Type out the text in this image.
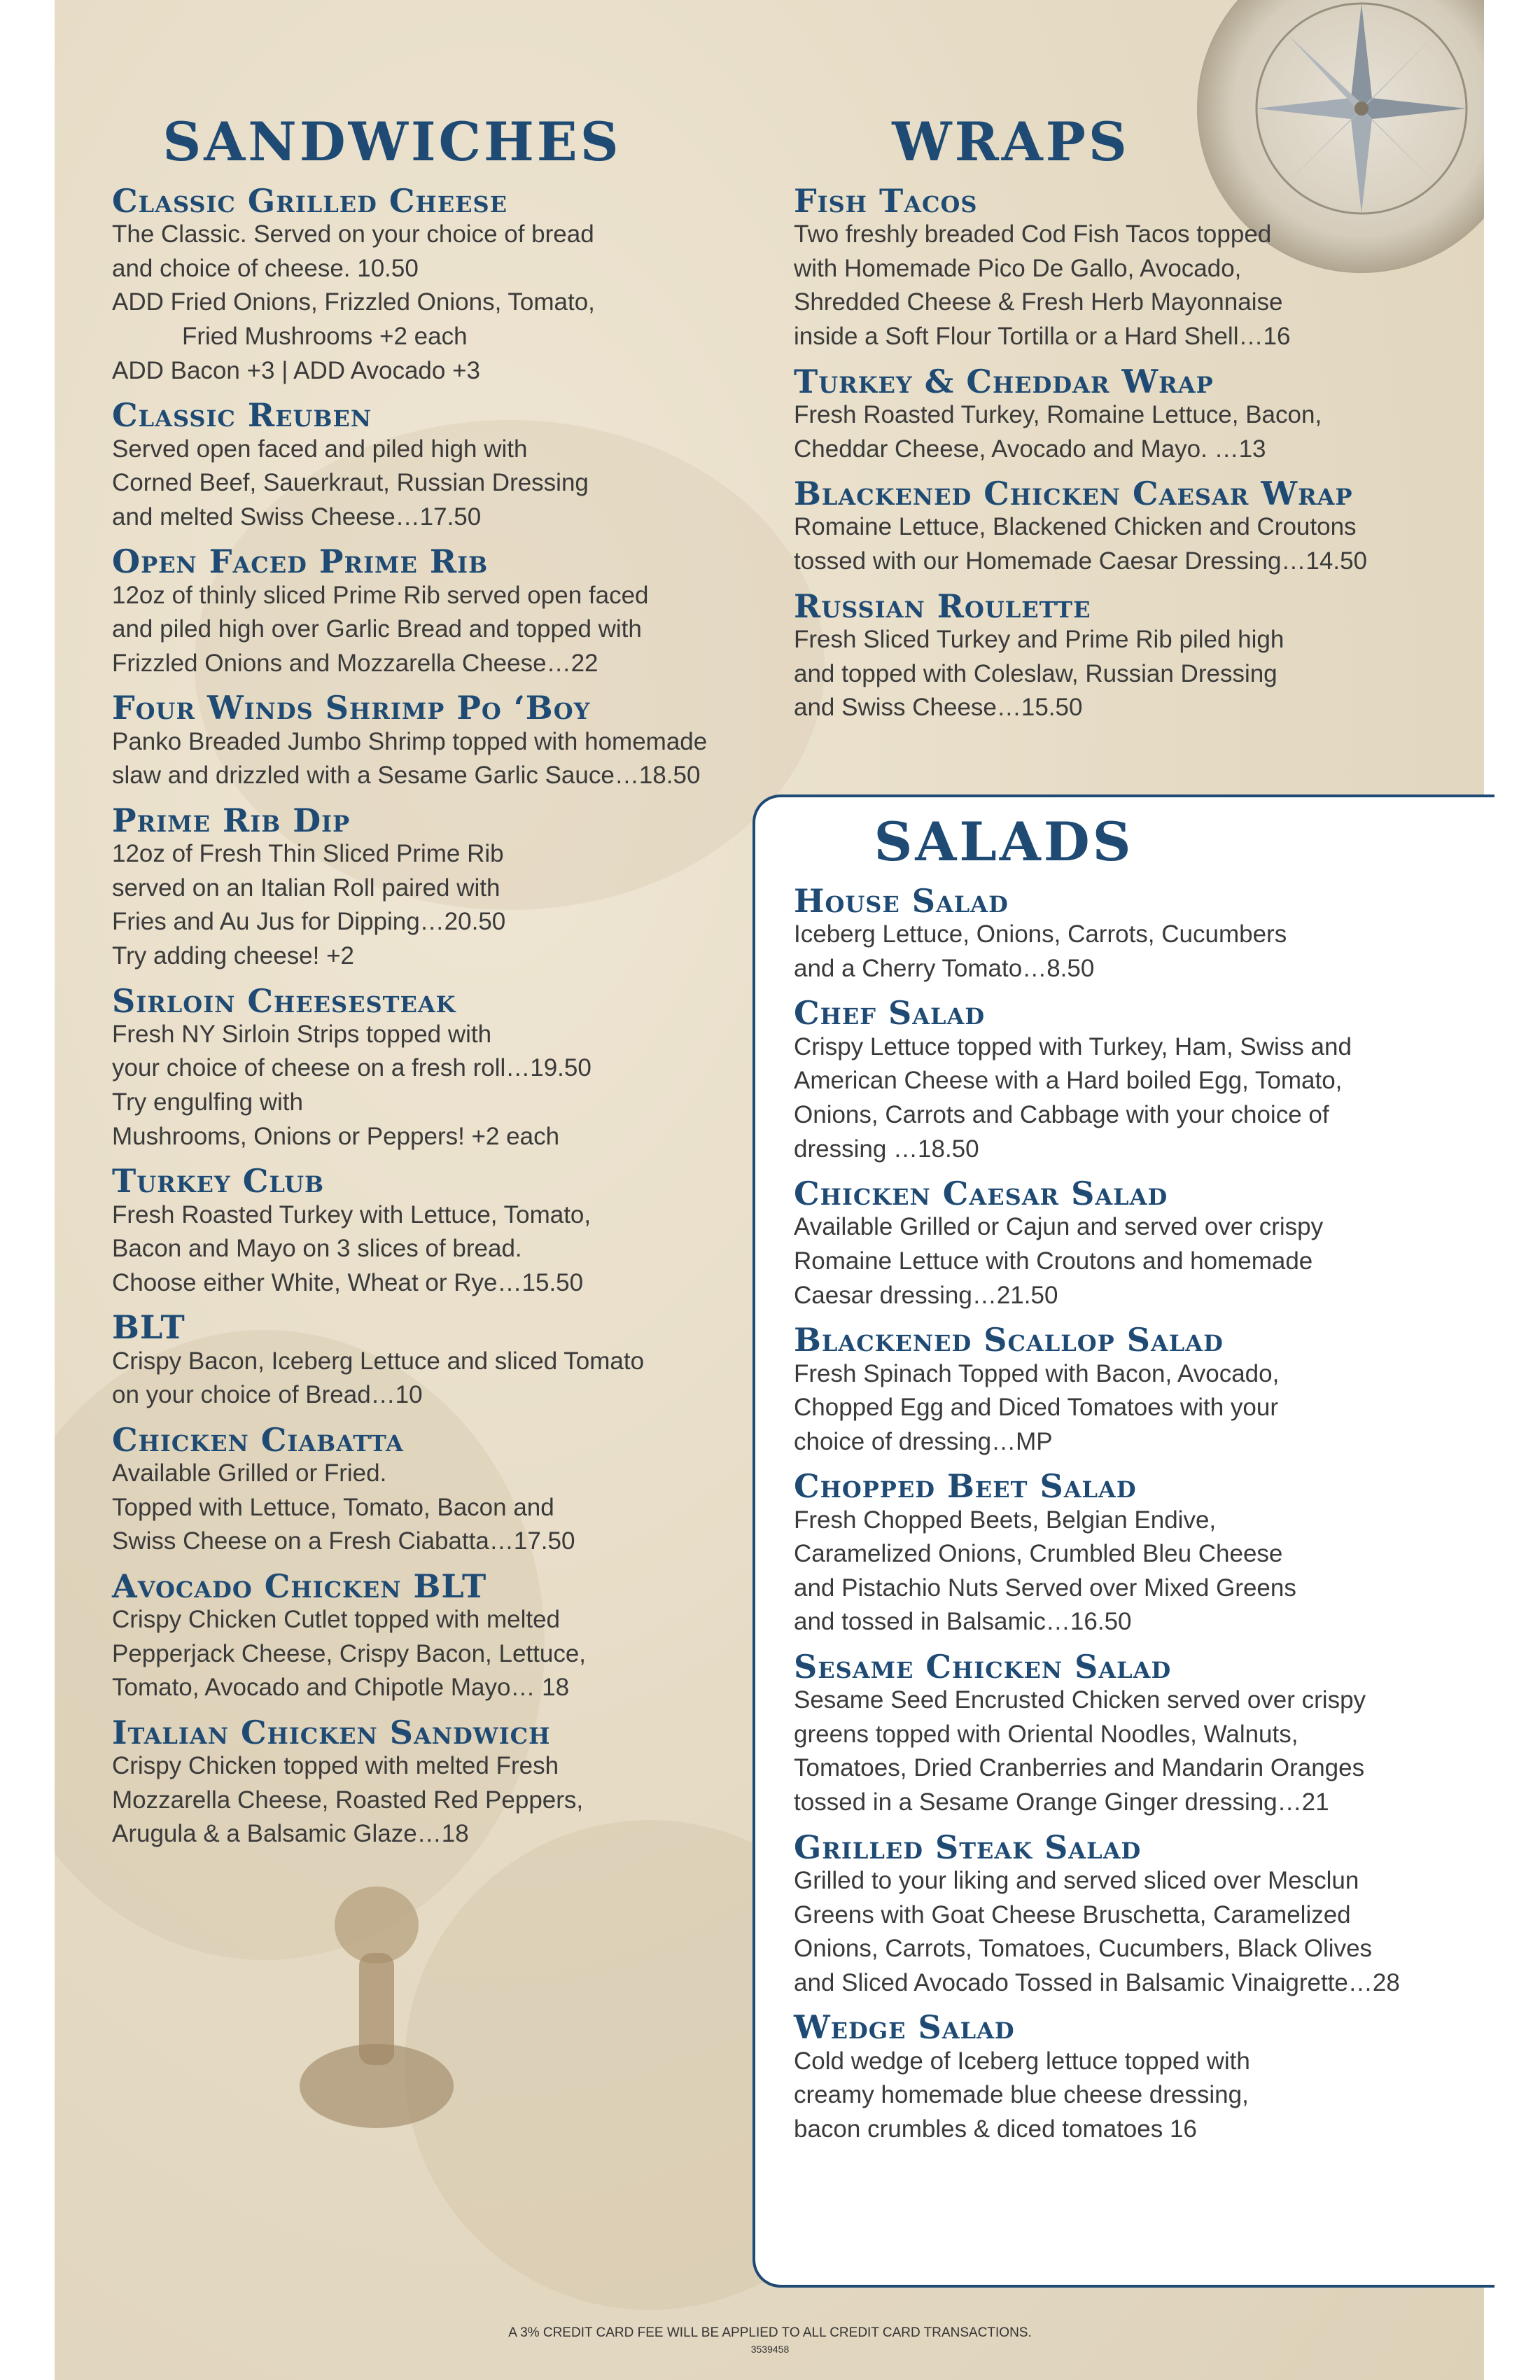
SANDWICHES
Classic Grilled Cheese

The Classic. Served on your choice of bread

and choice of cheese. 10.50

ADD Fried Onions, Frizzled Onions, Tomato,

Fried Mushrooms +2 each

ADD Bacon +3 | ADD Avocado +3

Classic Reuben

Served open faced and piled high with

Corned Beef, Sauerkraut, Russian Dressing

and melted Swiss Cheese…17.50

Open Faced Prime Rib

12oz of thinly sliced Prime Rib served open faced

and piled high over Garlic Bread and topped with

Frizzled Onions and Mozzarella Cheese…22

Four Winds Shrimp Po ‘Boy

Panko Breaded Jumbo Shrimp topped with homemade

slaw and drizzled with a Sesame Garlic Sauce…18.50

Prime Rib Dip

12oz of Fresh Thin Sliced Prime Rib

served on an Italian Roll paired with

Fries and Au Jus for Dipping…20.50

Try adding cheese! +2

Sirloin Cheesesteak

Fresh NY Sirloin Strips topped with

your choice of cheese on a fresh roll…19.50

Try engulfing with

Mushrooms, Onions or Peppers! +2 each

Turkey Club

Fresh Roasted Turkey with Lettuce, Tomato,

Bacon and Mayo on 3 slices of bread.

Choose either White, Wheat or Rye…15.50

BLT

Crispy Bacon, Iceberg Lettuce and sliced Tomato

on your choice of Bread…10

Chicken Ciabatta

Available Grilled or Fried.

Topped with Lettuce, Tomato, Bacon and

Swiss Cheese on a Fresh Ciabatta…17.50

Avocado Chicken BLT

Crispy Chicken Cutlet topped with melted

Pepperjack Cheese, Crispy Bacon, Lettuce,

Tomato, Avocado and Chipotle Mayo… 18

Italian Chicken Sandwich

Crispy Chicken topped with melted Fresh

Mozzarella Cheese, Roasted Red Peppers,

Arugula & a Balsamic Glaze…18

WRAPS
Fish Tacos

Two freshly breaded Cod Fish Tacos topped

with Homemade Pico De Gallo, Avocado,

Shredded Cheese & Fresh Herb Mayonnaise

inside a Soft Flour Tortilla or a Hard Shell…16

Turkey & Cheddar Wrap

Fresh Roasted Turkey, Romaine Lettuce, Bacon,

Cheddar Cheese, Avocado and Mayo. …13

Blackened Chicken Caesar Wrap

Romaine Lettuce, Blackened Chicken and Croutons

tossed with our Homemade Caesar Dressing…14.50

Russian Roulette

Fresh Sliced Turkey and Prime Rib piled high

and topped with Coleslaw, Russian Dressing

and Swiss Cheese…15.50

SALADS
House Salad

Iceberg Lettuce, Onions, Carrots, Cucumbers

and a Cherry Tomato…8.50

Chef Salad

Crispy Lettuce topped with Turkey, Ham, Swiss and

American Cheese with a Hard boiled Egg, Tomato,

Onions, Carrots and Cabbage with your choice of

dressing …18.50

Chicken Caesar Salad

Available Grilled or Cajun and served over crispy

Romaine Lettuce with Croutons and homemade

Caesar dressing…21.50

Blackened Scallop Salad

Fresh Spinach Topped with Bacon, Avocado,

Chopped Egg and Diced Tomatoes with your

choice of dressing…MP

Chopped Beet Salad

Fresh Chopped Beets, Belgian Endive,

Caramelized Onions, Crumbled Bleu Cheese

and Pistachio Nuts Served over Mixed Greens

and tossed in Balsamic…16.50

Sesame Chicken Salad

Sesame Seed Encrusted Chicken served over crispy

greens topped with Oriental Noodles, Walnuts,

Tomatoes, Dried Cranberries and Mandarin Oranges

tossed in a Sesame Orange Ginger dressing…21

Grilled Steak Salad

Grilled to your liking and served sliced over Mesclun

Greens with Goat Cheese Bruschetta, Caramelized

Onions, Carrots, Tomatoes, Cucumbers, Black Olives

and Sliced Avocado Tossed in Balsamic Vinaigrette…28

Wedge Salad

Cold wedge of Iceberg lettuce topped with

creamy homemade blue cheese dressing,

bacon crumbles & diced tomatoes 16

A 3% CREDIT CARD FEE WILL BE APPLIED TO ALL CREDIT CARD TRANSACTIONS.
3539458
